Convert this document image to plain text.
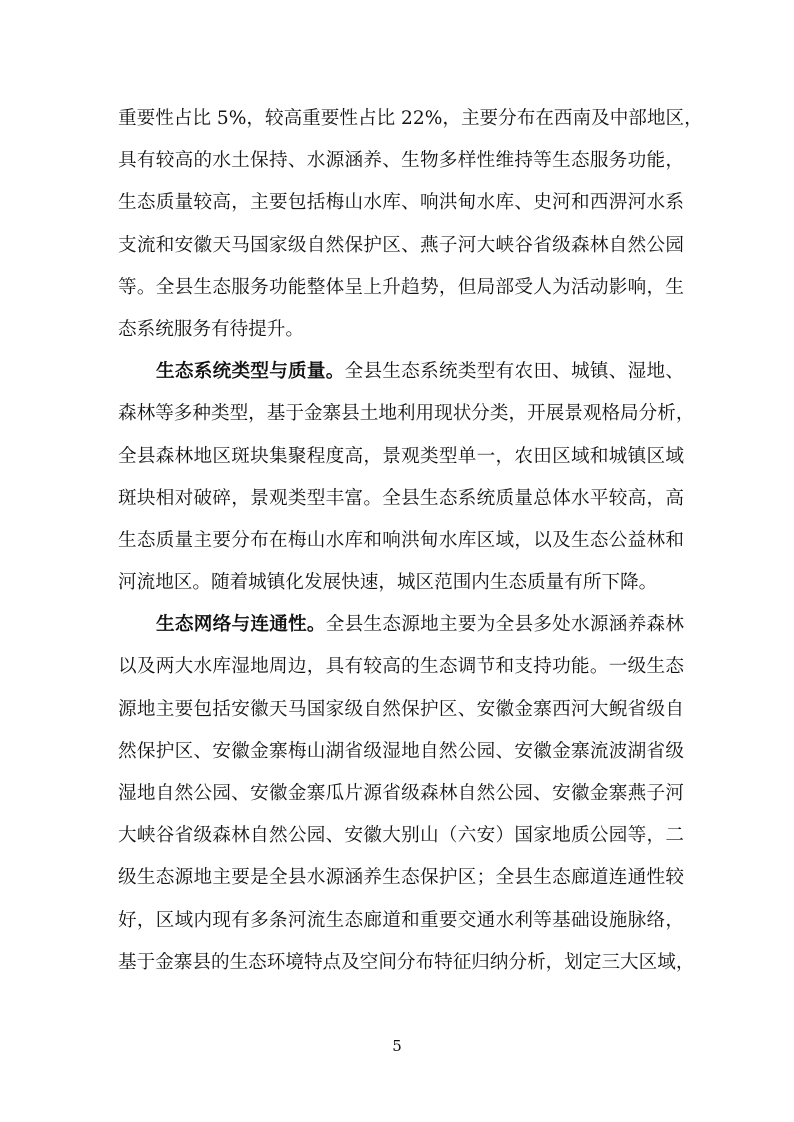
重要性占比 5%，较高重要性占比 22%，主要分布在西南及中部地区，
具有较高的水土保持、水源涵养、生物多样性维持等生态服务功能，
生态质量较高，主要包括梅山水库、响洪甸水库、史河和西淠河水系
支流和安徽天马国家级自然保护区、燕子河大峡谷省级森林自然公园
等。全县生态服务功能整体呈上升趋势，但局部受人为活动影响，生
态系统服务有待提升。
生态系统类型与质量。全县生态系统类型有农田、城镇、湿地、
森林等多种类型，基于金寨县土地利用现状分类，开展景观格局分析，
全县森林地区斑块集聚程度高，景观类型单一，农田区域和城镇区域
斑块相对破碎，景观类型丰富。全县生态系统质量总体水平较高，高
生态质量主要分布在梅山水库和响洪甸水库区域，以及生态公益林和
河流地区。随着城镇化发展快速，城区范围内生态质量有所下降。
生态网络与连通性。全县生态源地主要为全县多处水源涵养森林
以及两大水库湿地周边，具有较高的生态调节和支持功能。一级生态
源地主要包括安徽天马国家级自然保护区、安徽金寨西河大鲵省级自
然保护区、安徽金寨梅山湖省级湿地自然公园、安徽金寨流波湖省级
湿地自然公园、安徽金寨瓜片源省级森林自然公园、安徽金寨燕子河
大峡谷省级森林自然公园、安徽大别山（六安）国家地质公园等，二
级生态源地主要是全县水源涵养生态保护区；全县生态廊道连通性较
好，区域内现有多条河流生态廊道和重要交通水利等基础设施脉络，
基于金寨县的生态环境特点及空间分布特征归纳分析，划定三大区域，
5
